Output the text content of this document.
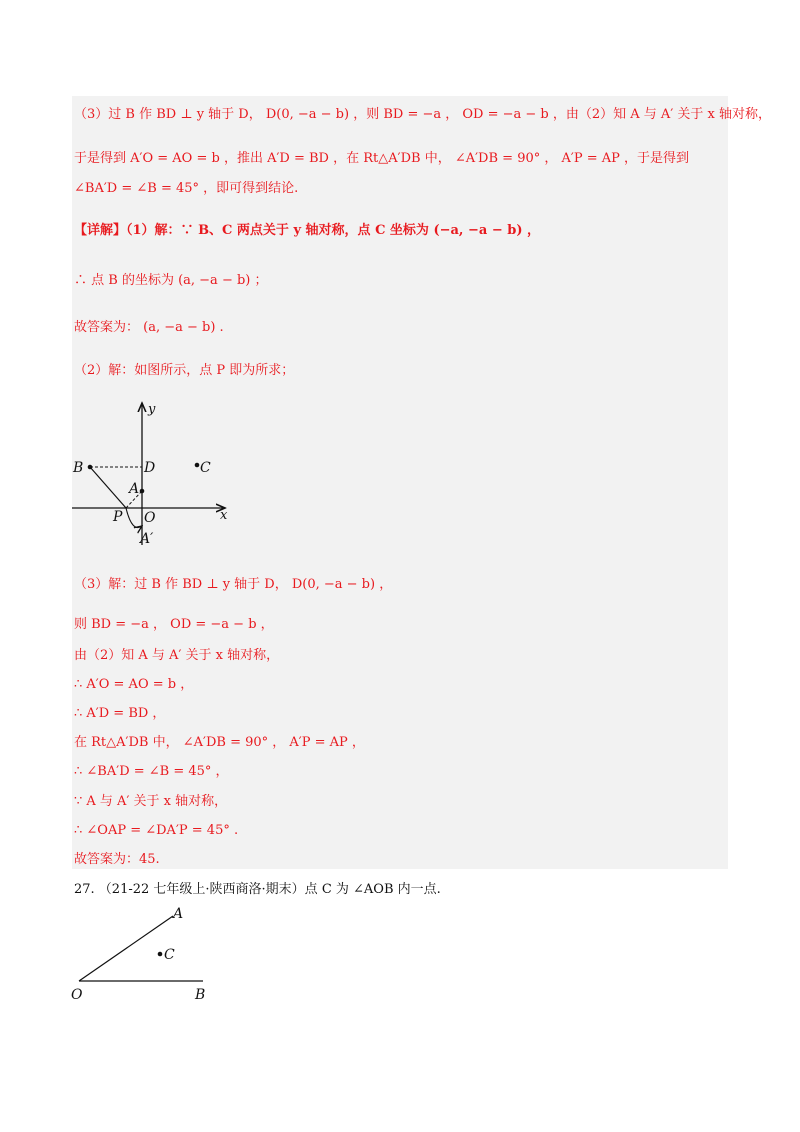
（3）过 B 作 BD ⊥ y 轴于 D， D(0, −a − b) ，则 BD = −a ， OD = −a − b ，由（2）知 A 与 A′ 关于 x 轴对称，
于是得到 A′O = AO = b ，推出 A′D = BD ，在 Rt△A′DB 中， ∠A′DB = 90° ， A′P = AP ，于是得到
∠BA′D = ∠B = 45° ，即可得到结论.
【详解】（1）解：∵ B、C 两点关于 y 轴对称，点 C 坐标为 (−a, −a − b) ，
∴ 点 B 的坐标为 (a, −a − b) ；
故答案为： (a, −a − b) .
（2）解：如图所示，点 P 即为所求；
y
x
B	D	C
A
P O
A′
（3）解：过 B 作 BD ⊥ y 轴于 D， D(0, −a − b) ，
则 BD = −a ， OD = −a − b ，
由（2）知 A 与 A′ 关于 x 轴对称，
∴ A′O = AO = b ，
∴ A′D = BD ，
在 Rt△A′DB 中， ∠A′DB = 90° ， A′P = AP ，
∴ ∠BA′D = ∠B = 45° ，
∵ A 与 A′ 关于 x 轴对称，
∴ ∠OAP = ∠DA′P = 45° .
故答案为：45.
27. （21-22 七年级上·陕西商洛·期末）点 C 为 ∠AOB 内一点.
A
C
O	B
